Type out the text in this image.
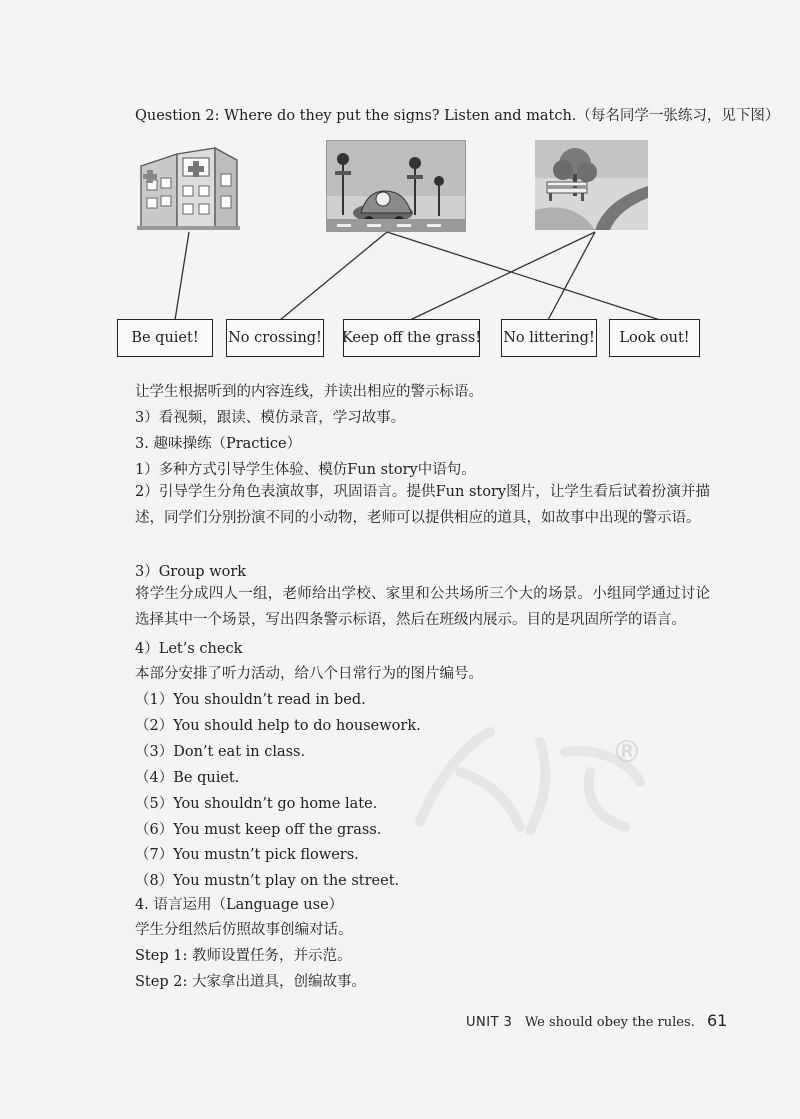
Question 2: Where do they put the signs? Listen and match.（每名同学一张练习，见下图）
Be quiet!	No crossing! Keep off the grass! No littering!	Look out!
让学生根据听到的内容连线，并读出相应的警示标语。
3）看视频，跟读、模仿录音，学习故事。
3. 趣味操练（Practice）
1）多种方式引导学生体验、模仿Fun story中语句。
2）引导学生分角色表演故事，巩固语言。提供Fun story图片，让学生看后试着扮演并描述，同学们分别扮演不同的小动物，老师可以提供相应的道具，如故事中出现的警示语。
3）Group work
将学生分成四人一组，老师给出学校、家里和公共场所三个大的场景。小组同学通过讨论选择其中一个场景，写出四条警示标语，然后在班级内展示。目的是巩固所学的语言。
4）Let’s check
本部分安排了听力活动，给八个日常行为的图片编号。
（1）You shouldn’t read in bed.
（2）You should help to do housework.
（3）Don’t eat in class.
（4）Be quiet.
（5）You shouldn’t go home late.
（6）You must keep off the grass.
（7）You mustn’t pick flowers.
（8）You mustn’t play on the street.
4. 语言运用（Language use）
学生分组然后仿照故事创编对话。
Step 1: 教师设置任务，并示范。
Step 2: 大家拿出道具，创编故事。
®
UNIT 3 We should obey the rules. 61
